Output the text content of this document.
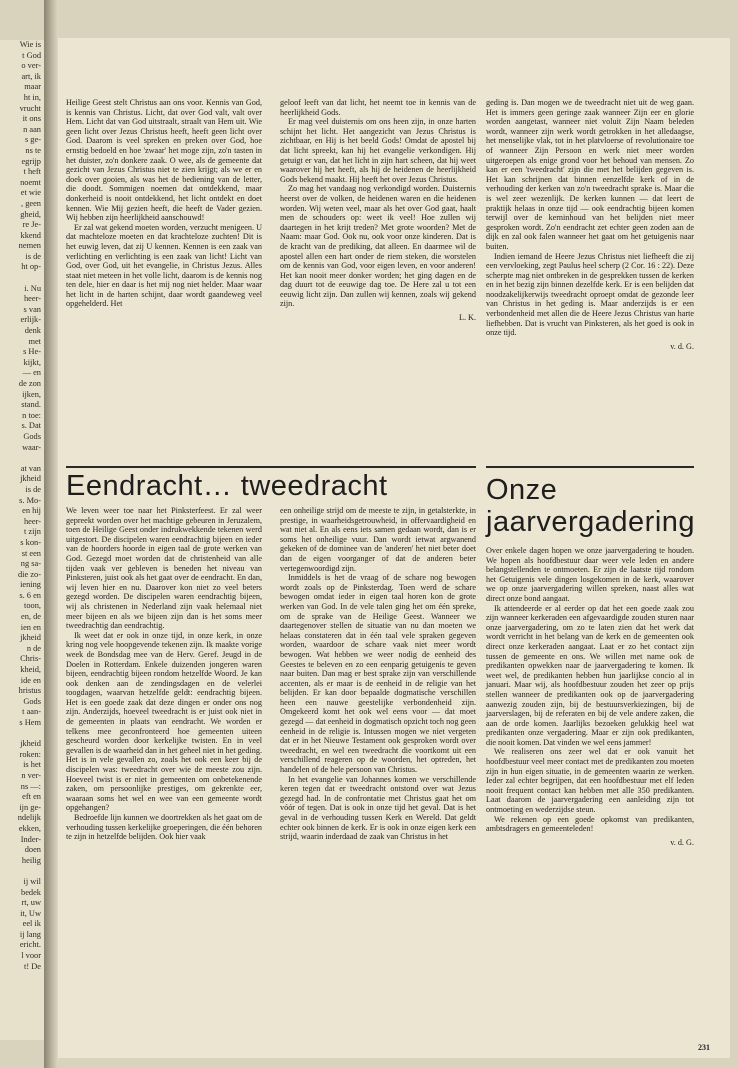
Wie is
t God
o ver-
art, ik
maar
ht in,
vrucht
it ons
n aan
s ge-
ns te
egrijp
t heft
noemt
et wie
, geen
gheid,
re Je-
kkend
nemen
is de
ht op-

i. Nu
heer-
s van
erlijk-
denk
met
s He-
kijkt,
— en
de zon
ijken,
stand.
n toe:
s. Dat
Gods
waar-

at van
jkheid
is de
s. Mo-
en hij
heer-
t zijn
s kon-
st een
ng sa-
die zo-
iening
s. 6 en
toon,
en, de
ien en
jkheid
n de
Chris-
kheid,
ide en
hristus
Gods
t aan-
s Hem

jkheid
roken:
is het
n ver-
ns —:
eft en
ijn ge-
ndelijk
ekken,
Inder-
doen
heilig

ij wil
bedek
rt, uw
it, Uw
eel ik
ij lang
ericht.
l voor
t! De

Heilige Geest stelt Christus aan ons voor. Kennis van God, is kennis van Christus. Licht, dat over God valt, valt over Hem. Licht dat van God uitstraalt, straalt van Hem uit. Wie geen licht over Jezus Christus heeft, heeft geen licht over God. Daarom is veel spreken en preken over God, hoe ernstig bedoeld en hoe 'zwaar' het moge zijn, zo'n tasten in het duister, zo'n donkere zaak. O wee, als de gemeente dat gezicht van Jezus Christus niet te zien krijgt; als we er en doek over gooien, als was het de bediening van de letter, die doodt. Sommigen noemen dat ontdekkend, maar donkerheid is nooit ontdekkend, het licht ontdekt en doet kennen. Wie Mij gezien heeft, die heeft de Vader gezien. Wij hebben zijn heerlijkheid aanschouwd!

Er zal wat gekend moeten worden, verzucht menigeen. U dat machteloze moeten en dat krachteloze zuchten! Dit is het euwig leven, dat zij U kennen. Kennen is een zaak van verlichting en verlichting is een zaak van licht! Licht van God, over God, uit het evangelie, in Christus Jezus. Alles staat niet meteen in het volle licht, daarom is de kennis nog ten dele, hier en daar is het mij nog niet helder. Maar waar het licht in de harten schijnt, daar wordt gaandeweg veel opgehelderd. Het

geloof leeft van dat licht, het neemt toe in kennis van de heerlijkheid Gods.

Er mag veel duisternis om ons heen zijn, in onze harten schijnt het licht. Het aangezicht van Jezus Christus is zichtbaar, en Hij is het beeld Gods! Omdat de apostel bij dat licht spreekt, kan hij het evangelie verkondigen. Hij getuigt er van, dat het licht in zijn hart scheen, dat hij weet waarover hij het heeft, als hij de heidenen de heerlijkheid Gods bekend maakt. Hij heeft het over Jezus Christus.

Zo mag het vandaag nog verkondigd worden. Duisternis heerst over de volken, de heidenen waren en die heidenen worden. Wij weten veel, maar als het over God gaat, haalt men de schouders op: weet ik veel! Hoe zullen wij daartegen in het krijt treden? Met grote woorden? Met de Naam: maar God. Ook nu, ook voor onze kinderen. Dat is de kracht van de prediking, dat alleen. En daarmee wil de apostel allen een hart onder de riem steken, die worstelen om de kennis van God, voor eigen leven, en voor anderen! Het kan nooit meer donker worden; het ging dagen en de dag duurt tot de eeuwige dag toe. De Here zal u tot een eeuwig licht zijn. Dan zullen wij kennen, zoals wij gekend zijn.

L. K.

geding is. Dan mogen we de tweedracht niet uit de weg gaan. Het is immers geen geringe zaak wanneer Zijn eer en glorie worden aangetast, wanneer niet voluit Zijn Naam beleden wordt, wanneer zijn werk wordt getrokken in het alledaagse, het menselijke vlak, tot in het platvloerse of revolutionaire toe of wanneer Zijn Persoon en werk niet meer worden uitgeroepen als enige grond voor het behoud van mensen. Zo kan er een 'tweedracht' zijn die met het belijden gegeven is. Het kan schrijnen dat binnen eenzelfde kerk of in de verhouding der kerken van zo'n tweedracht sprake is. Maar die is wel zeer wezenlijk. De kerken kunnen — dat leert de praktijk helaas in onze tijd — ook eendrachtig bijeen komen terwijl over de kerninhoud van het belijden niet meer gesproken wordt. Zo'n eendracht zet echter geen zoden aan de dijk en zal ook falen wanneer het gaat om het getuigenis naar buiten.

Indien iemand de Heere Jezus Christus niet liefheeft die zij een vervloeking, zegt Paulus heel scherp (2 Cor. 16 : 22). Deze scherpte mag niet ontbreken in de gesprekken tussen de kerken en in het bezig zijn binnen dezelfde kerk. Er is een belijden dat noodzakelijkerwijs tweedracht oproept omdat de gezonde leer van Christus in het geding is. Maar anderzijds is er een verbondenheid met allen die de Heere Jezus Christus van harte liefhebben. Dat is vrucht van Pinksteren, als het goed is ook in onze tijd.

v. d. G.
Eendracht… tweedracht

We leven weer toe naar het Pinksterfeest. Er zal weer gepreekt worden over het machtige gebeuren in Jeruzalem, toen de Heilige Geest onder indrukwekkende tekenen werd uitgestort. De discipelen waren eendrachtig bijeen en ieder van de hoorders hoorde in eigen taal de grote werken van God. Gezegd moet worden dat de christenheid van alle tijden vaak ver gebleven is beneden het niveau van Pinksteren, juist ook als het gaat over de eendracht. En dan, wij leven hier en nu. Daarover kon niet zo veel beters gezegd worden. De discipelen waren eendrachtig bijeen, wij als christenen in Nederland zijn vaak helemaal niet meer bijeen en als we bijeen zijn dan is het soms meer tweedrachtig dan eendrachtig.

Ik weet dat er ook in onze tijd, in onze kerk, in onze kring nog vele hoopgevende tekenen zijn. Ik maakte vorige week de Bondsdag mee van de Herv. Geref. Jeugd in de Doelen in Rotterdam. Enkele duizenden jongeren waren bijeen, eendrachtig bijeen rondom hetzelfde Woord. Je kan ook denken aan de zendingsdagen en de velerlei toogdagen, waarvan hetzelfde geldt: eendrachtig bijeen. Het is een goede zaak dat deze dingen er onder ons nog zijn. Anderzijds, hoeveel tweedracht is er juist ook niet in de gemeenten in plaats van eendracht. We worden er telkens mee geconfronteerd hoe gemeenten uiteen gescheurd worden door kerkelijke twisten. En in veel gevallen is de waarheid dan in het geheel niet in het geding. Het is in vele gevallen zo, zoals het ook een keer bij de discipelen was: tweedracht over wie de meeste zou zijn. Hoeveel twist is er niet in gemeenten om onbetekenende zaken, om persoonlijke prestiges, om gekrenkte eer, waaraan soms het wel en wee van een gemeente wordt opgehangen?

Bedroefde lijn kunnen we doortrekken als het gaat om de verhouding tussen kerkelijke groeperingen, die één behoren te zijn in hetzelfde belijden. Ook hier vaak

een onheilige strijd om de meeste te zijn, in getalsterkte, in prestige, in waarheidsgetrouwheid, in offervaardigheid en wat niet al. En als eens iets samen gedaan wordt, dan is er soms het onheilige vuur. Dan wordt ietwat argwanend gekeken of de dominee van de 'anderen' het niet beter doet dan de eigen voorganger of dat de anderen beter vertegenwoordigd zijn.

Inmiddels is het de vraag of de schare nog bewogen wordt zoals op de Pinksterdag. Toen werd de schare bewogen omdat ieder in eigen taal horen kon de grote werken van God. In de vele talen ging het om één spreke, om de sprake van de Heilige Geest. Wanneer we daartegenover stellen de situatie van nu dan moeten we helaas constateren dat in één taal vele spraken gegeven worden, waardoor de schare vaak niet meer wordt bewogen. Wat hebben we weer nodig de eenheid des Geestes te beleven en zo een eenparig getuigenis te geven naar buiten. Dan mag er best sprake zijn van verschillende accenten, als er maar is de eenheid in de religie van het belijden. Er kan door bepaalde dogmatische verschillen heen een nauwe geestelijke verbondenheid zijn. Omgekeerd komt het ook wel eens voor — dat moet gezegd — dat eenheid in dogmatisch opzicht toch nog geen eenheid in de religie is. Intussen mogen we niet vergeten dat er in het Nieuwe Testament ook gesproken wordt over tweedracht, en wel een tweedracht die voortkomt uit een verschillend reageren op de woorden, het optreden, het handelen of de hele persoon van Christus.

In het evangelie van Johannes komen we verschillende keren tegen dat er tweedracht ontstond over wat Jezus gezegd had. In de confrontatie met Christus gaat het om vóór of tegen. Dat is ook in onze tijd het geval. Dat is het geval in de verhouding tussen Kerk en Wereld. Dat geldt echter ook binnen de kerk. Er is ook in onze eigen kerk een strijd, waarin inderdaad de zaak van Christus in het

Onze
jaarvergadering

Over enkele dagen hopen we onze jaarvergadering te houden. We hopen als hoofdbestuur daar weer vele leden en andere belangstellenden te ontmoeten. Er zijn de laatste tijd rondom het Getuigenis vele dingen losgekomen in de kerk, waarover we op onze jaarvergadering willen spreken, naast alles wat direct onze bond aangaat.

Ik attendeerde er al eerder op dat het een goede zaak zou zijn wanneer kerkeraden een afgevaardigde zouden sturen naar onze jaarvergadering, om zo te laten zien dat het werk dat wordt verricht in het belang van de kerk en de gemeenten ook direct onze kerkeraden aangaat. Laat er zo het contact zijn tussen de gemeente en ons. We willen met name ook de predikanten opwekken naar de jaarvergadering te komen. Ik weet wel, de predikanten hebben hun jaarlijkse concio al in januari. Maar wij, als hoofdbestuur zouden het zeer op prijs stellen wanneer de predikanten ook op de jaarvergadering aanwezig zouden zijn, bij de bestuursverkiezingen, bij de jaarverslagen, bij de referaten en bij de vele andere zaken, die aan de orde komen. Jaarlijks bezoeken gelukkig heel wat predikanten onze vergadering. Maar er zijn ook predikanten, die nooit komen. Dat vinden we wel eens jammer!

We realiseren ons zeer wel dat er ook vanuit het hoofdbestuur veel meer contact met de predikanten zou moeten zijn in hun eigen situatie, in de gemeenten waarin ze werken. Ieder zal echter begrijpen, dat een hoofdbestuur met elf leden nooit frequent contact kan hebben met alle 350 predikanten. Laat daarom de jaarvergadering een aanleiding zijn tot ontmoeting en wederzijdse steun.

We rekenen op een goede opkomst van predikanten, ambtsdragers en gemeenteleden!

v. d. G.
231
